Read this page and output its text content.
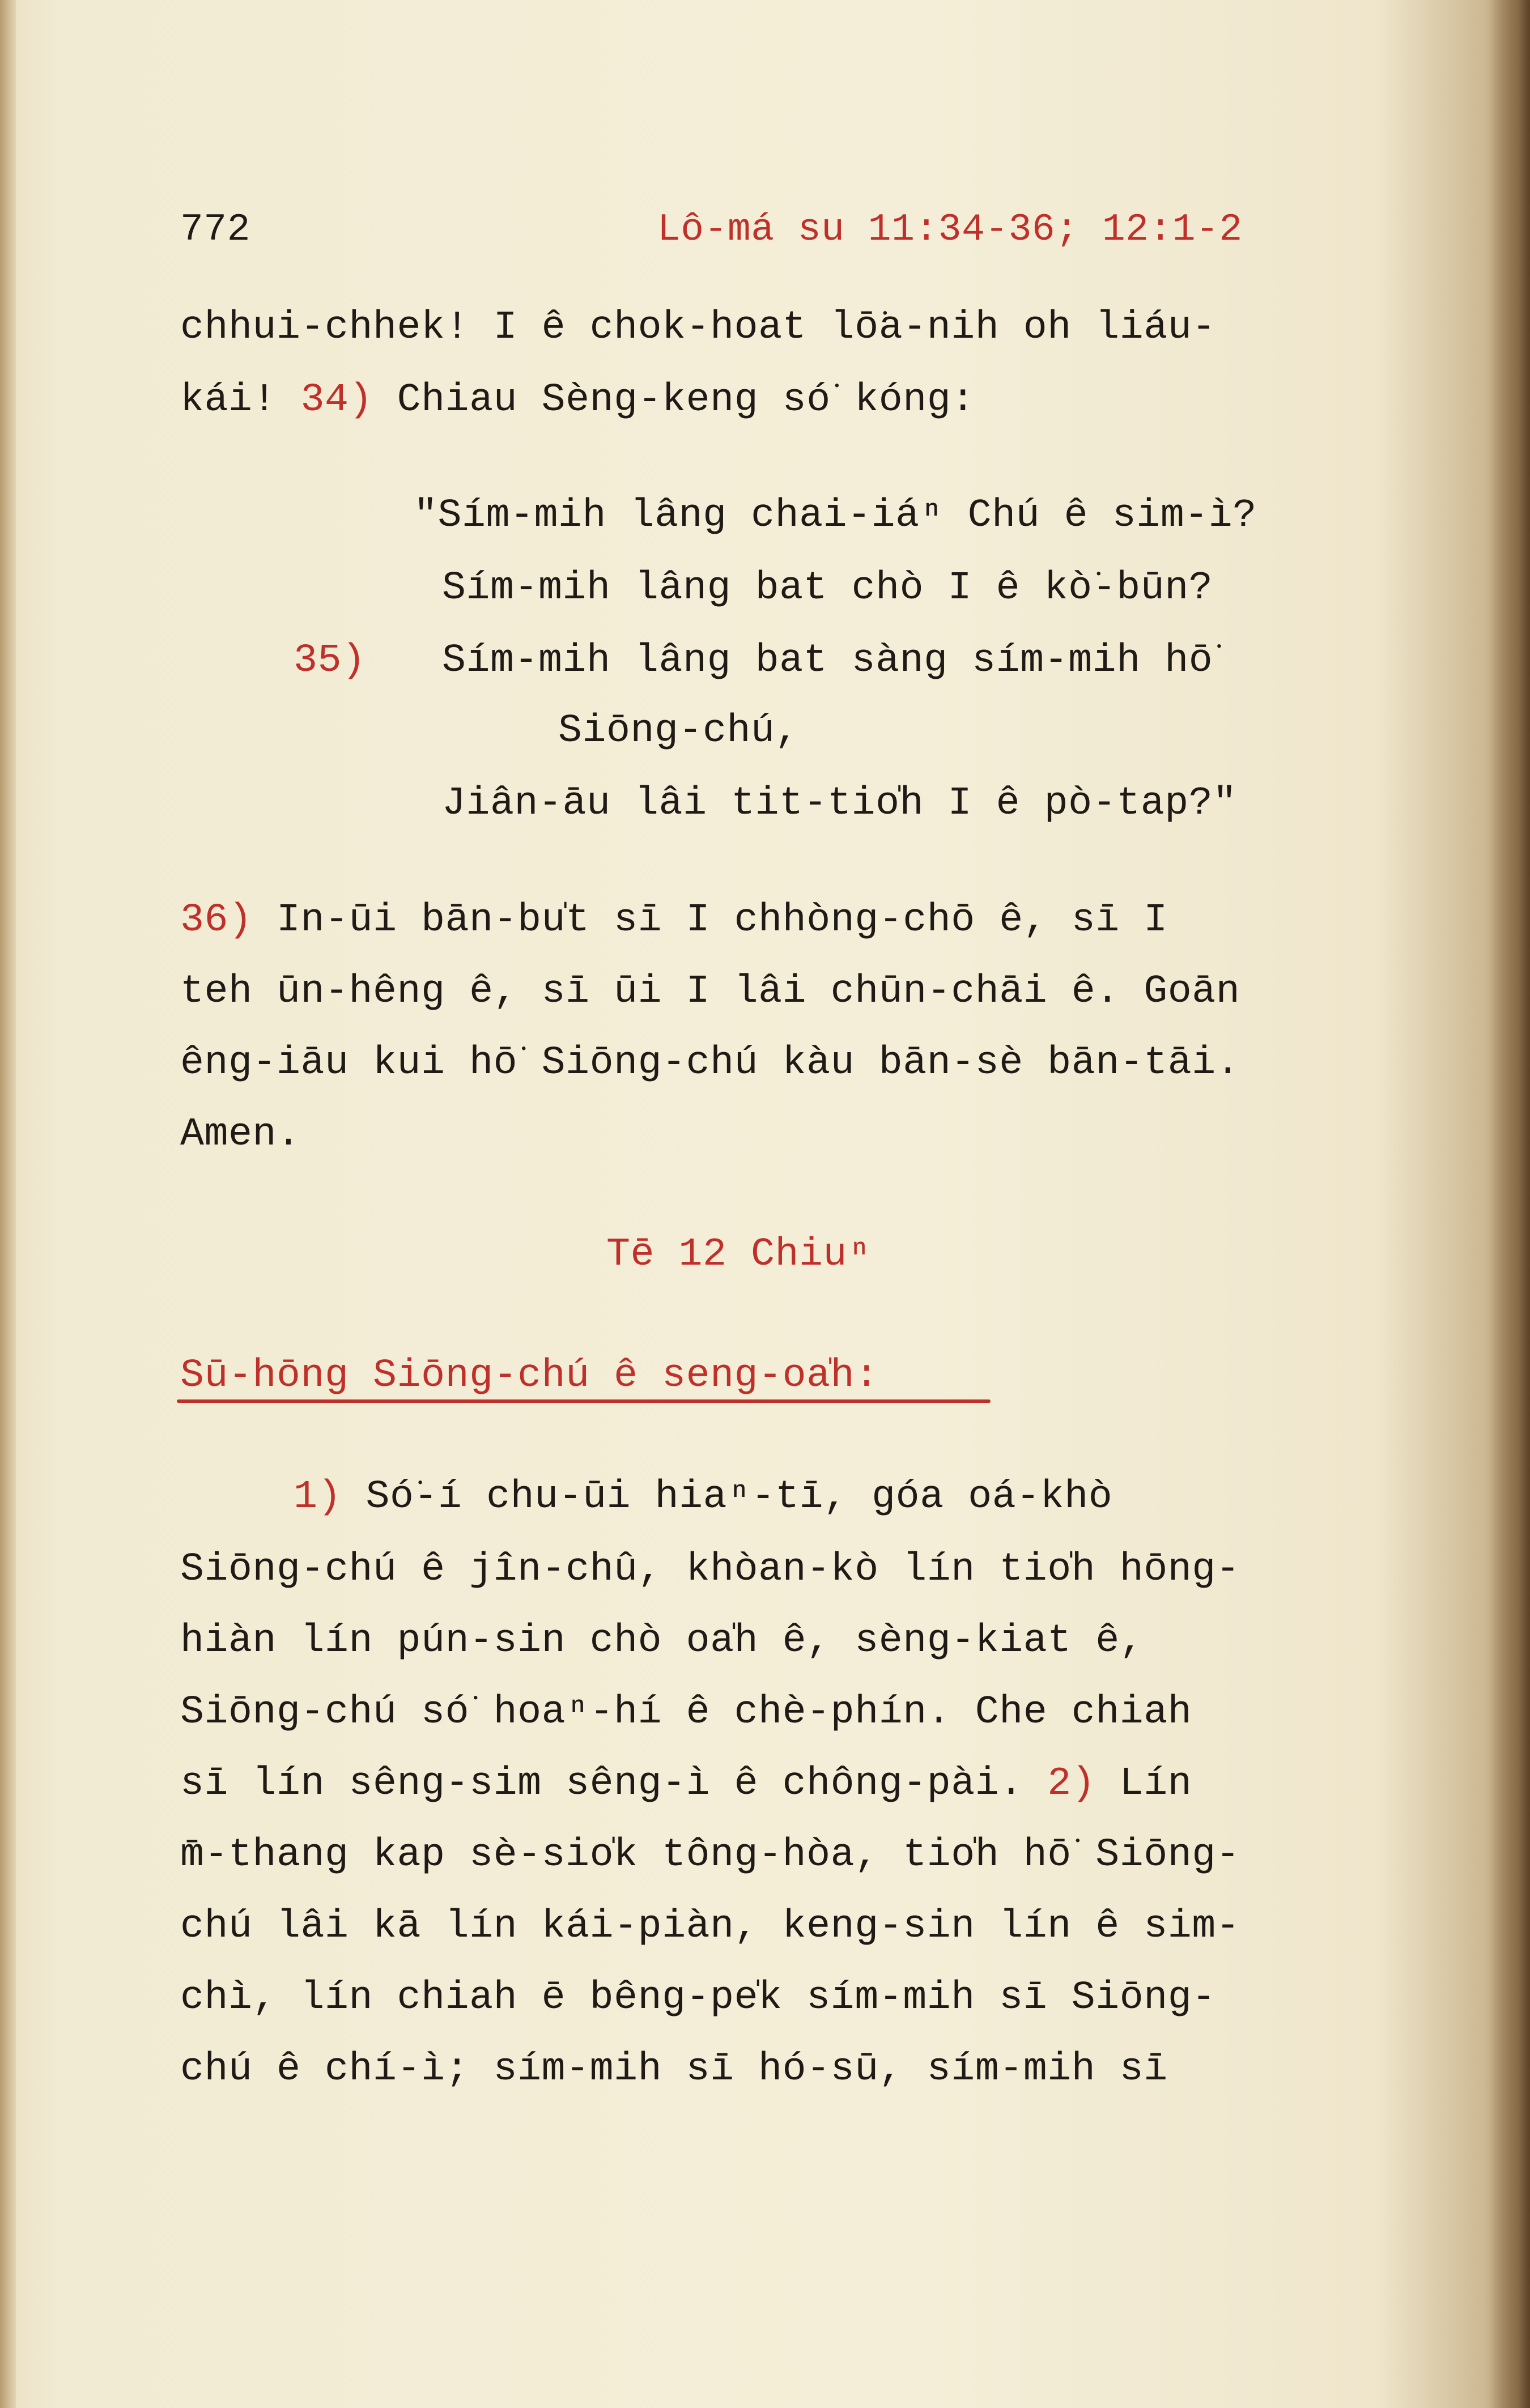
772	Lô-má su 11:34-36; 12:1-2
chhui-chhek! I ê chok-hoat lō͘a-nih oh liáu-
kái! 34) Chiau Sèng-keng só͘ kóng:
"Sím-mih lâng chai-iáⁿ Chú ê sim-ì?
Sím-mih lâng bat chò I ê kò͘-būn?
35) Sím-mih lâng bat sàng sím-mih hō͘
Siōng-chú,
Jiân-āu lâi tit-tio̍h I ê pò-tap?"
36) In-ūi bān-bu̍t sī I chhòng-chō ê, sī I
teh ūn-hêng ê, sī ūi I lâi chūn-chāi ê. Goān
êng-iāu kui hō͘ Siōng-chú kàu bān-sè bān-tāi.
Amen.
Tē 12 Chiuⁿ
Sū-hōng Siōng-chú ê seng-oa̍h:
1) Só͘-í chu-ūi hiaⁿ-tī, góa oá-khò
Siōng-chú ê jîn-chû, khòan-kò lín tio̍h hōng-
hiàn lín pún-sin chò oa̍h ê, sèng-kiat ê,
Siōng-chú só͘ hoaⁿ-hí ê chè-phín. Che chiah
sī lín sêng-sim sêng-ì ê chông-pài. 2) Lín
m̄-thang kap sè-sio̍k tông-hòa, tio̍h hō͘ Siōng-
chú lâi kā lín kái-piàn, keng-sin lín ê sim-
chì, lín chiah ē bêng-pe̍k sím-mih sī Siōng-
chú ê chí-ì; sím-mih sī hó-sū, sím-mih sī
